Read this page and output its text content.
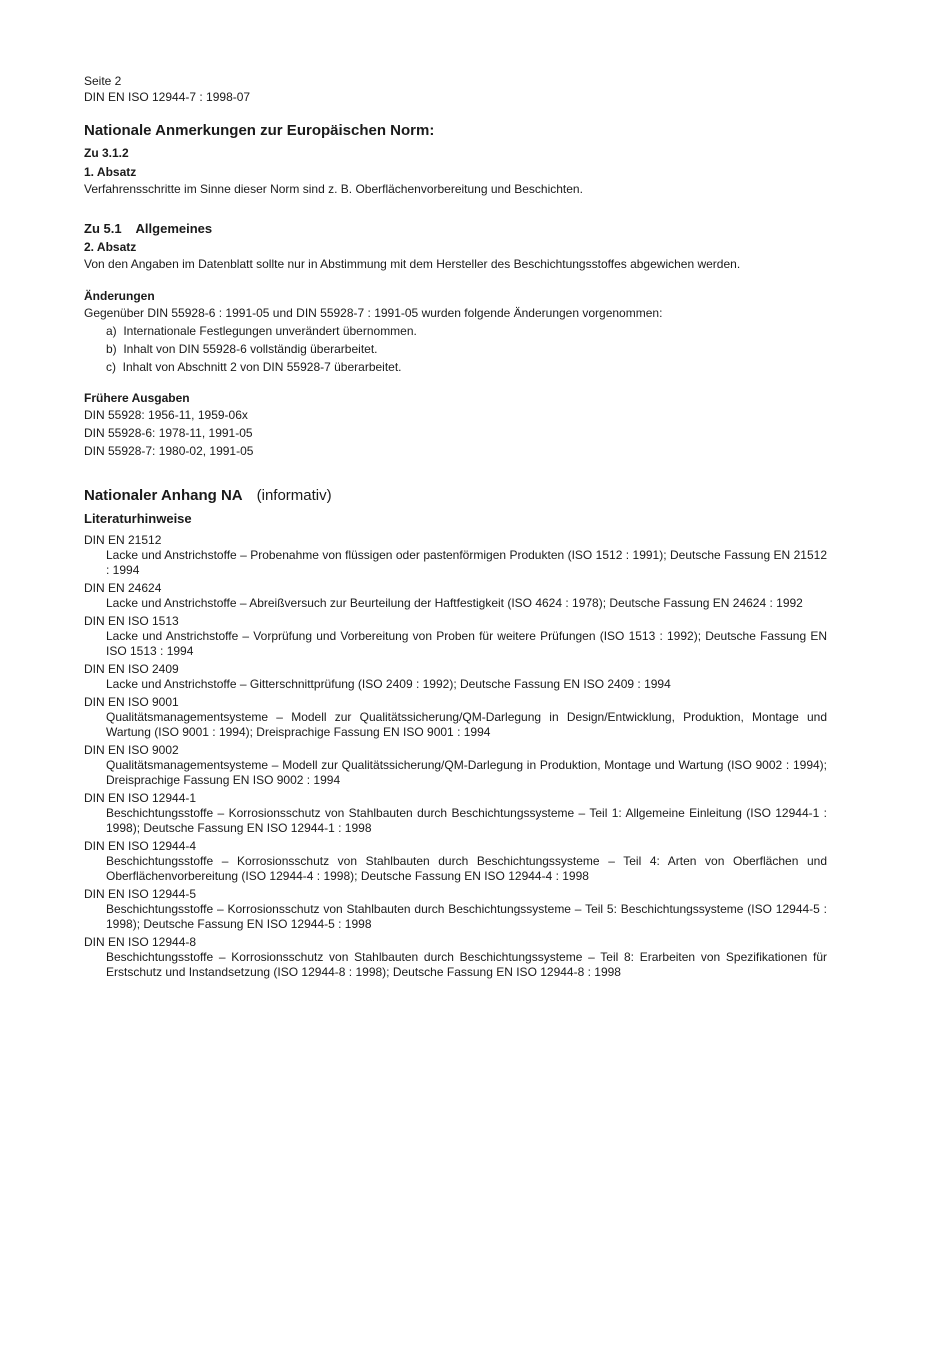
Seite 2
DIN EN ISO 12944-7 : 1998-07
Nationale Anmerkungen zur Europäischen Norm:
Zu 3.1.2
1. Absatz
Verfahrensschritte im Sinne dieser Norm sind z. B. Oberflächenvorbereitung und Beschichten.
Zu 5.1    Allgemeines
2. Absatz
Von den Angaben im Datenblatt sollte nur in Abstimmung mit dem Hersteller des Beschichtungsstoffes abgewichen werden.
Änderungen
Gegenüber DIN 55928-6 : 1991-05 und DIN 55928-7 : 1991-05 wurden folgende Änderungen vorgenommen:
a)  Internationale Festlegungen unverändert übernommen.
b)  Inhalt von DIN 55928-6 vollständig überarbeitet.
c)  Inhalt von Abschnitt 2 von DIN 55928-7 überarbeitet.
Frühere Ausgaben
DIN 55928: 1956-11, 1959-06x
DIN 55928-6: 1978-11, 1991-05
DIN 55928-7: 1980-02, 1991-05
Nationaler Anhang NA (informativ)
Literaturhinweise
DIN EN 21512
Lacke und Anstrichstoffe – Probenahme von flüssigen oder pastenförmigen Produkten (ISO 1512 : 1991); Deutsche Fassung EN 21512 : 1994
DIN EN 24624
Lacke und Anstrichstoffe – Abreißversuch zur Beurteilung der Haftfestigkeit (ISO 4624 : 1978); Deutsche Fassung EN 24624 : 1992
DIN EN ISO 1513
Lacke und Anstrichstoffe – Vorprüfung und Vorbereitung von Proben für weitere Prüfungen (ISO 1513 : 1992); Deutsche Fassung EN ISO 1513 : 1994
DIN EN ISO 2409
Lacke und Anstrichstoffe – Gitterschnittprüfung (ISO 2409 : 1992); Deutsche Fassung EN ISO 2409 : 1994
DIN EN ISO 9001
Qualitätsmanagementsysteme – Modell zur Qualitätssicherung/QM-Darlegung in Design/Entwicklung, Produktion, Montage und Wartung (ISO 9001 : 1994); Dreisprachige Fassung EN ISO 9001 : 1994
DIN EN ISO 9002
Qualitätsmanagementsysteme – Modell zur Qualitätssicherung/QM-Darlegung in Produktion, Montage und Wartung (ISO 9002 : 1994); Dreisprachige Fassung EN ISO 9002 : 1994
DIN EN ISO 12944-1
Beschichtungsstoffe – Korrosionsschutz von Stahlbauten durch Beschichtungssysteme – Teil 1: Allgemeine Einleitung (ISO 12944-1 : 1998); Deutsche Fassung EN ISO 12944-1 : 1998
DIN EN ISO 12944-4
Beschichtungsstoffe – Korrosionsschutz von Stahlbauten durch Beschichtungssysteme – Teil 4: Arten von Oberflächen und Oberflächenvorbereitung (ISO 12944-4 : 1998); Deutsche Fassung EN ISO 12944-4 : 1998
DIN EN ISO 12944-5
Beschichtungsstoffe – Korrosionsschutz von Stahlbauten durch Beschichtungssysteme – Teil 5: Beschichtungssysteme (ISO 12944-5 : 1998); Deutsche Fassung EN ISO 12944-5 : 1998
DIN EN ISO 12944-8
Beschichtungsstoffe – Korrosionsschutz von Stahlbauten durch Beschichtungssysteme – Teil 8: Erarbeiten von Spezifikationen für Erstschutz und Instandsetzung (ISO 12944-8 : 1998); Deutsche Fassung EN ISO 12944-8 : 1998
